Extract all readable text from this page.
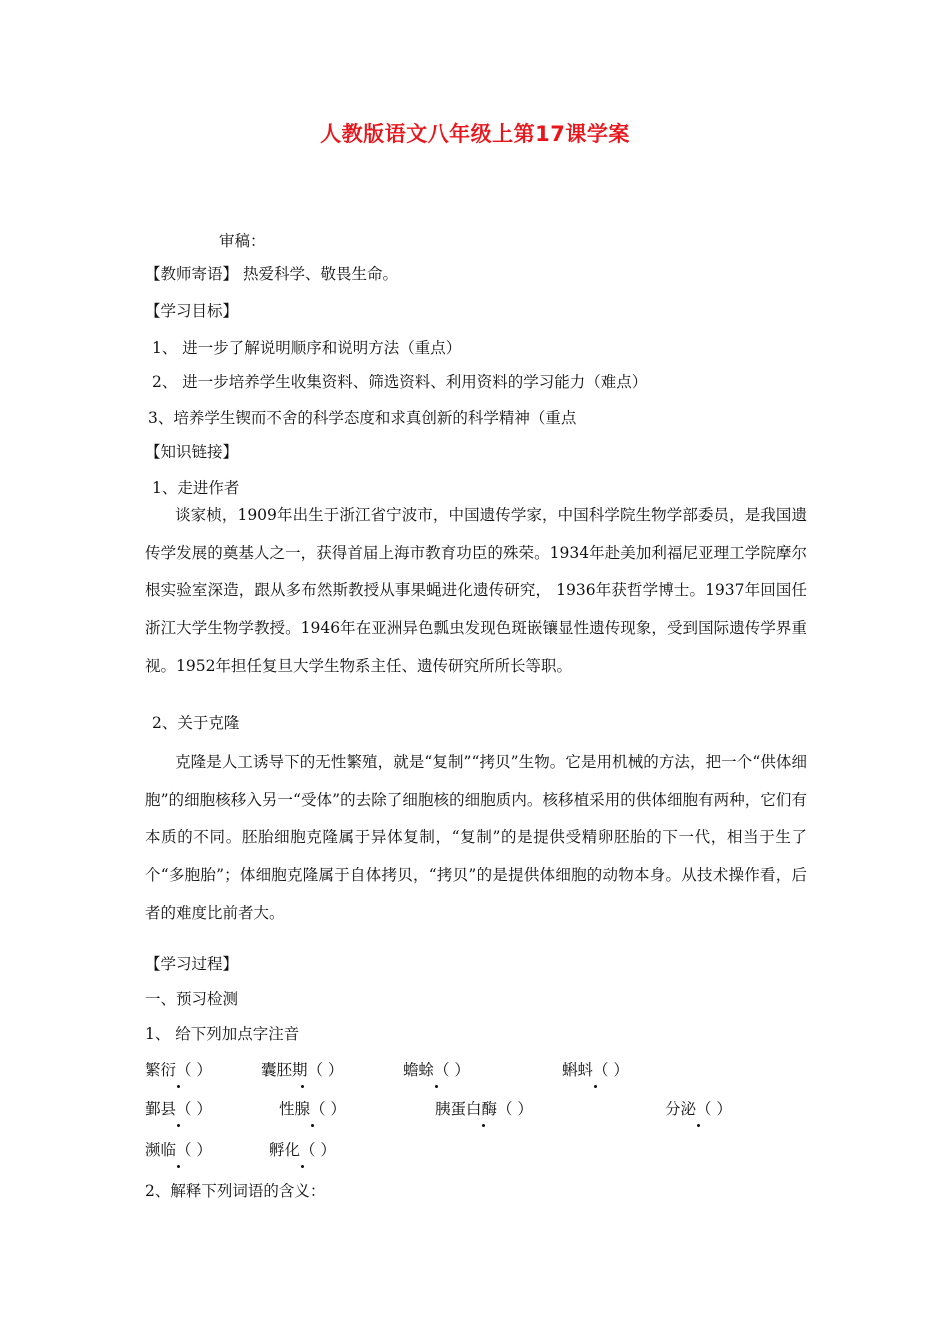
人教版语文八年级上第17课学案
审稿：
【教师寄语】 热爱科学、敬畏生命。
【学习目标】
1、 进一步了解说明顺序和说明方法（重点）
2、 进一步培养学生收集资料、筛选资料、利用资料的学习能力（难点）
3、培养学生锲而不舍的科学态度和求真创新的科学精神（重点
【知识链接】
1、走进作者
谈家桢，1909年出生于浙江省宁波市，中国遗传学家，中国科学院生物学部委员，是我国遗传学发展的奠基人之一，获得首届上海市教育功臣的殊荣。1934年赴美加利福尼亚理工学院摩尔根实验室深造，跟从多布然斯教授从事果蝇进化遗传研究， 1936年获哲学博士。1937年回国任浙江大学生物学教授。1946年在亚洲异色瓢虫发现色斑嵌镶显性遗传现象，受到国际遗传学界重视。1952年担任复旦大学生物系主任、遗传研究所所长等职。
2、关于克隆
克隆是人工诱导下的无性繁殖，就是“复制”“拷贝”生物。它是用机械的方法，把一个“供体细胞”的细胞核移入另一“受体”的去除了细胞核的细胞质内。核移植采用的供体细胞有两种，它们有本质的不同。胚胎细胞克隆属于异体复制，“复制”的是提供受精卵胚胎的下一代，相当于生了个“多胞胎”；体细胞克隆属于自体拷贝，“拷贝”的是提供体细胞的动物本身。从技术操作看，后者的难度比前者大。
【学习过程】
一、预习检测
1、 给下列加点字注音
繁衍（ ）	囊胚期（ ）	蟾蜍（ ）	蝌蚪（ ）
鄞县（ ）	性腺（ ）	胰蛋白酶（ ）	分泌（ ）
濒临（ ）	孵化（ ）
2、解释下列词语的含义：
